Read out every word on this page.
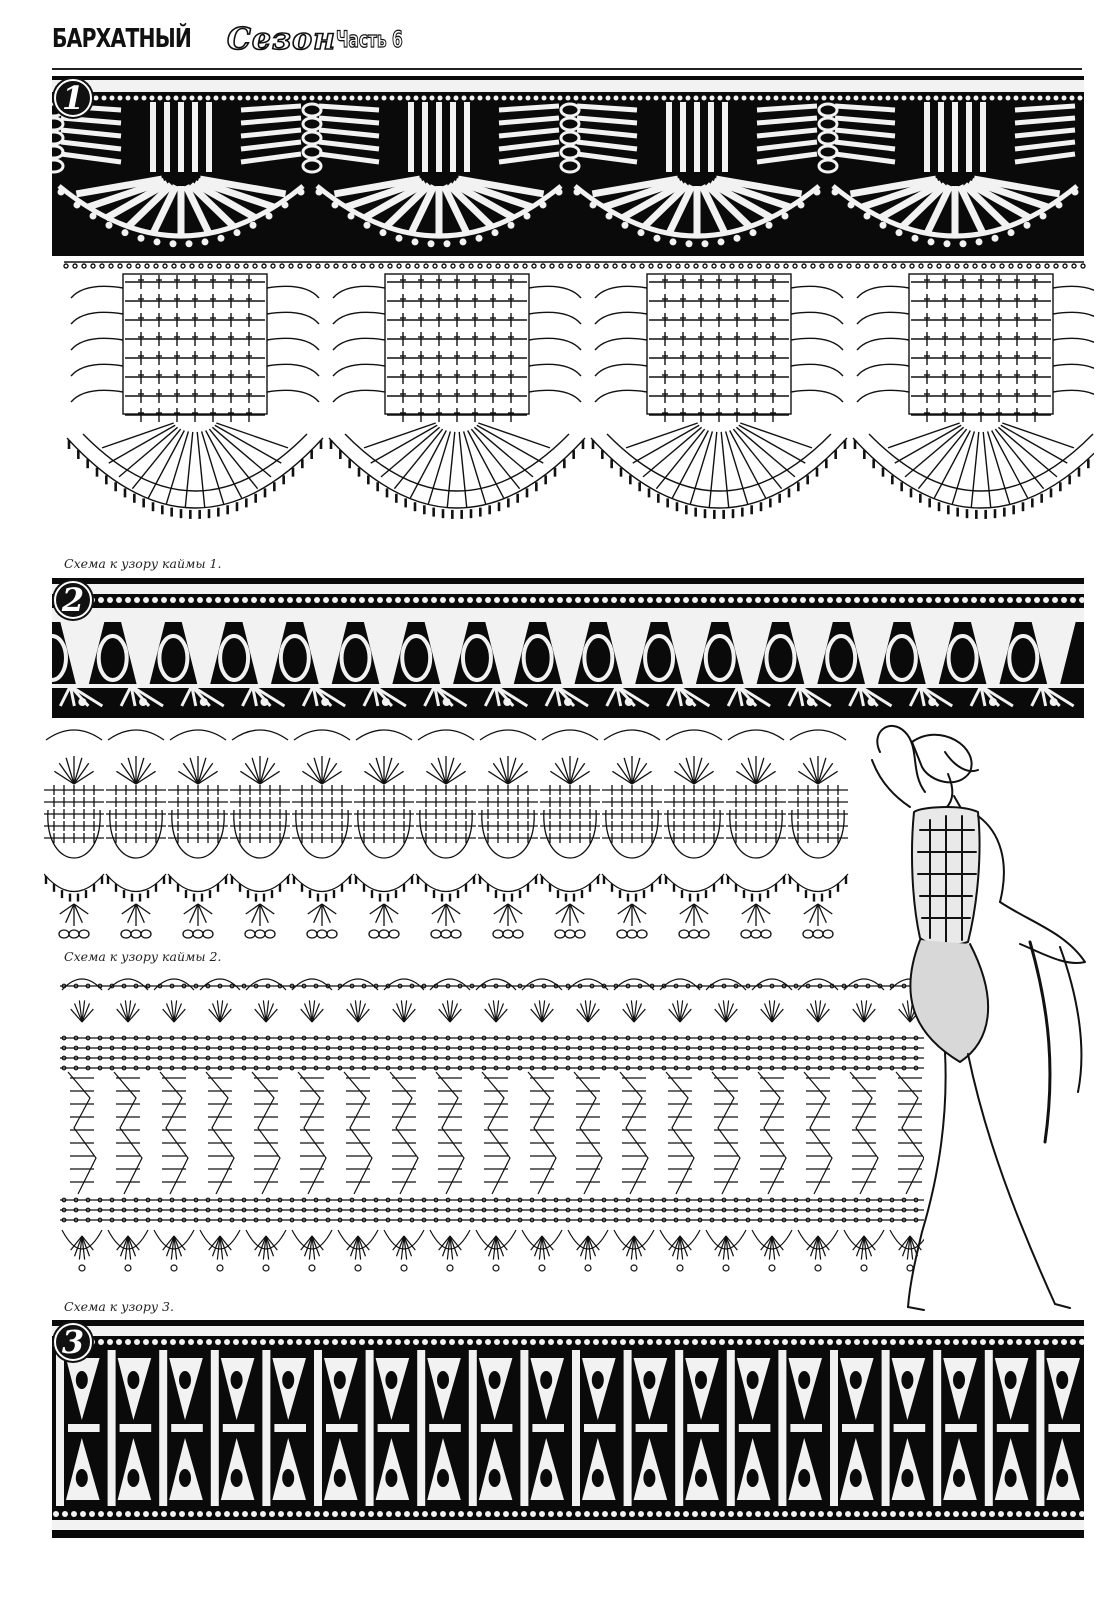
БАРХАТНЫЙ Сезон Часть 6
1
Схема к узору каймы 1.
2
Схема к узору каймы 2.
Схема к узору 3.
3
